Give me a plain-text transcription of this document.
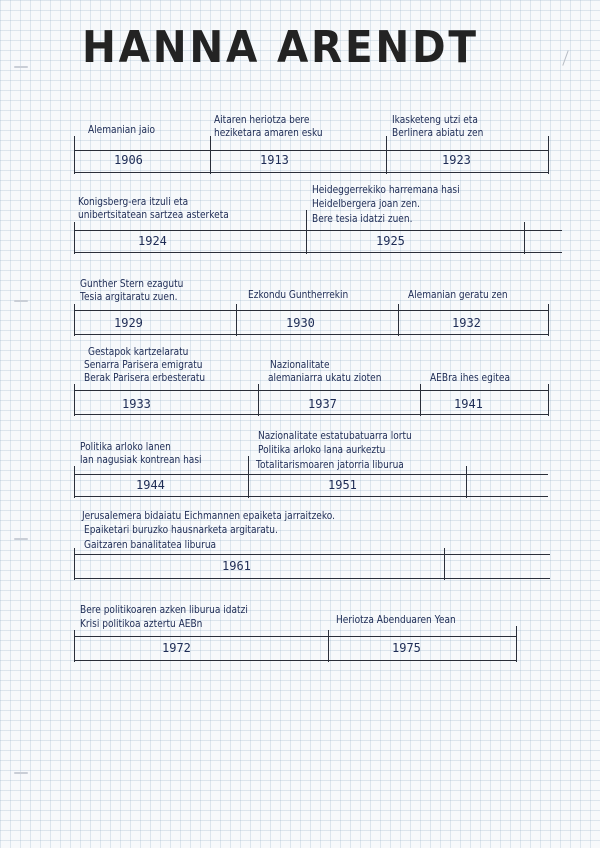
HANNA ARENDT
Alemanian jaio
Aitaren heriotza bere
heziketara amaren esku
Ikasketeng utzi eta
Berlinera abiatu zen
1906	1913	1923
Konigsberg-era itzuli eta
unibertsitatean sartzea asterketa
Heideggerrekiko harremana hasi
Heidelbergera joan zen.
Bere tesia idatzi zuen.
1924	1925
Gunther Stern ezagutu
Tesia argitaratu zuen.	Ezkondu Guntherrekin	Alemanian geratu zen
1929	1930	1932
Gestapok kartzelaratu
Senarra Parisera emigratu
Berak Parisera erbesteratu
Nazionalitate
alemaniarra ukatu zioten	AEBra ihes egitea
1933	1937	1941
Politika arloko lanen
lan nagusiak kontrean hasi
Nazionalitate estatubatuarra lortu
Politika arloko lana aurkeztu
Totalitarismoaren jatorria liburua
1944	1951
Jerusalemera bidaiatu Eichmannen epaiketa jarraitzeko.
Epaiketari buruzko hausnarketa argitaratu.
Gaitzaren banalitatea liburua
1961
Bere politikoaren azken liburua idatzi
Krisi politikoa aztertu AEBn	Heriotza Abenduaren Yean
1972	1975
